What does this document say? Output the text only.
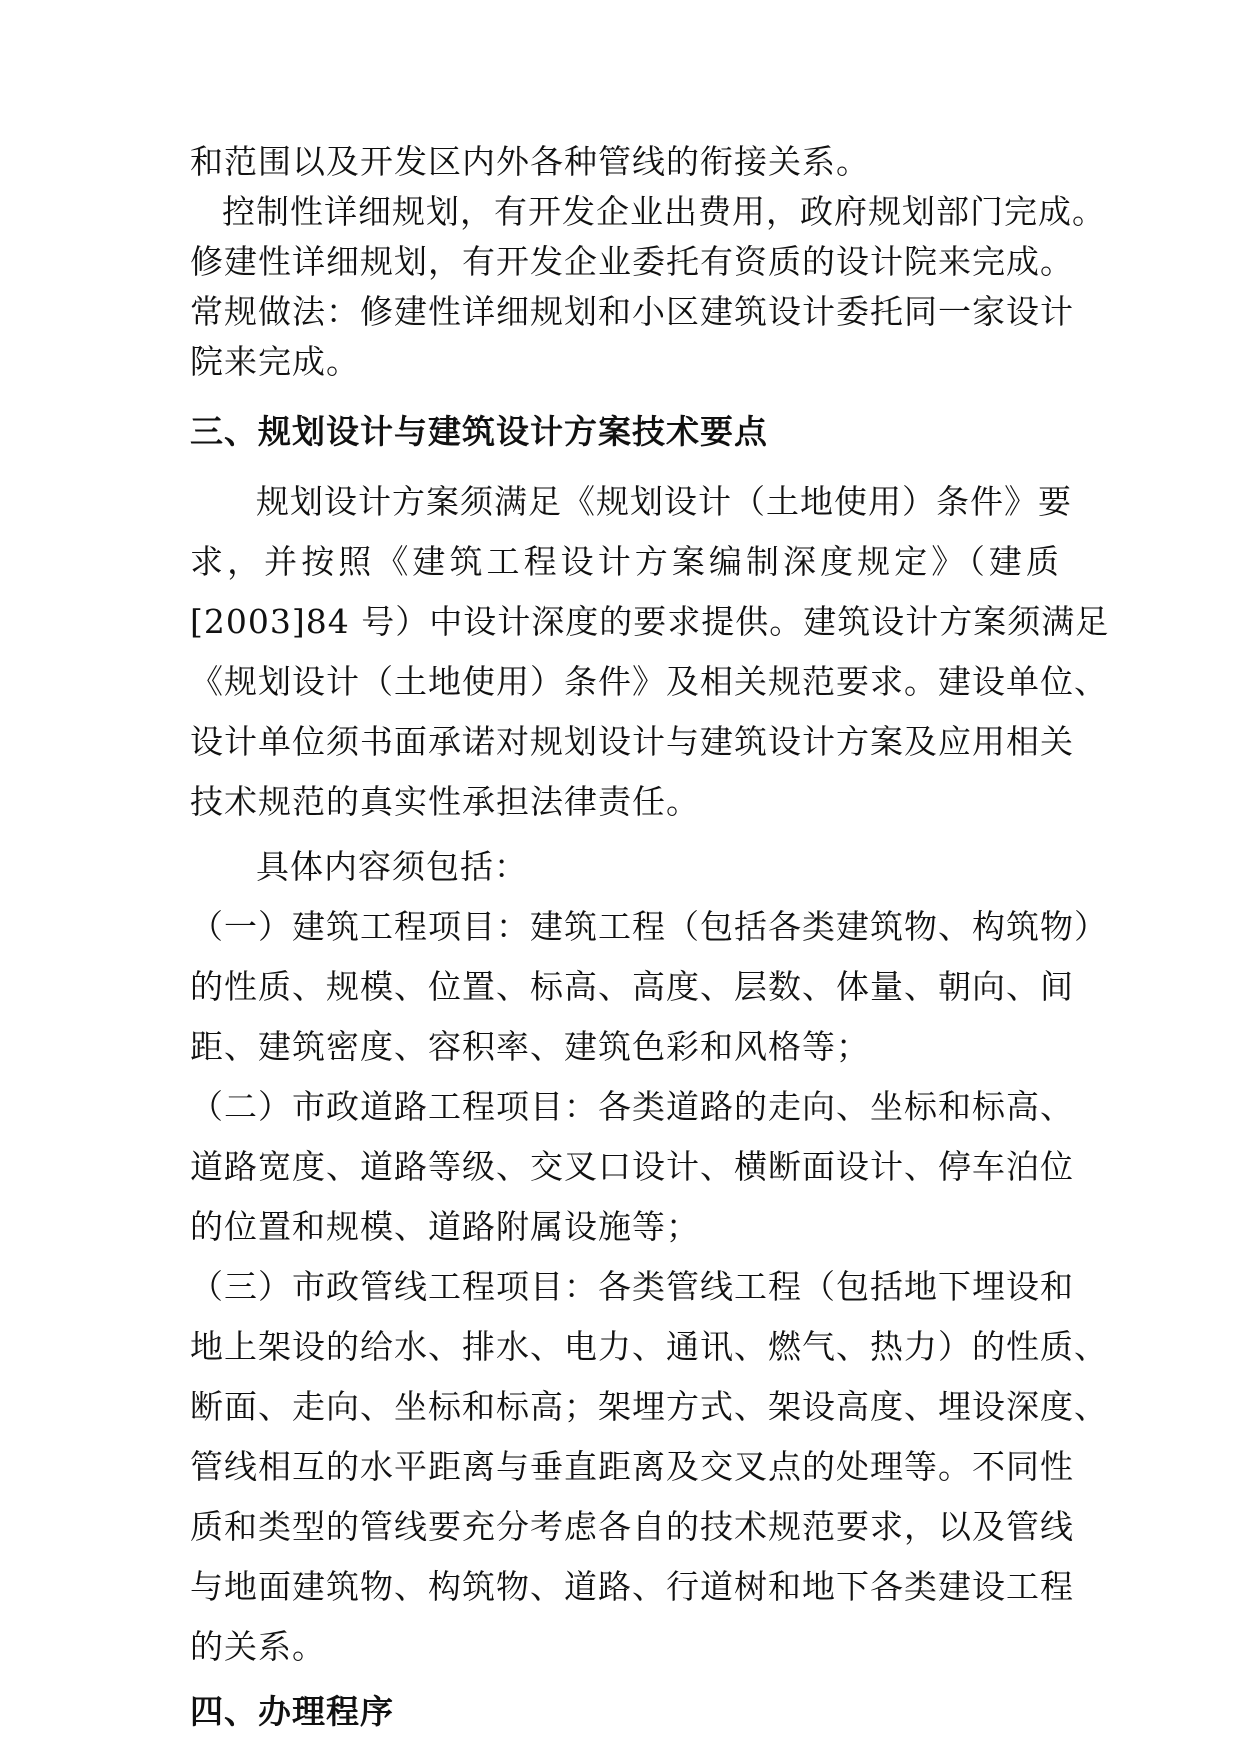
和范围以及开发区内外各种管线的衔接关系。
控制性详细规划，有开发企业出费用，政府规划部门完成。
修建性详细规划，有开发企业委托有资质的设计院来完成。
常规做法：修建性详细规划和小区建筑设计委托同一家设计
院来完成。
三、规划设计与建筑设计方案技术要点
规划设计方案须满足《规划设计（土地使用）条件》要
求，并按照《建筑工程设计方案编制深度规定》（建质
[2003]84 号）中设计深度的要求提供。建筑设计方案须满足
《规划设计（土地使用）条件》及相关规范要求。建设单位、
设计单位须书面承诺对规划设计与建筑设计方案及应用相关
技术规范的真实性承担法律责任。
具体内容须包括：
（一）建筑工程项目：建筑工程（包括各类建筑物、构筑物）
的性质、规模、位置、标高、高度、层数、体量、朝向、间
距、建筑密度、容积率、建筑色彩和风格等；
（二）市政道路工程项目：各类道路的走向、坐标和标高、
道路宽度、道路等级、交叉口设计、横断面设计、停车泊位
的位置和规模、道路附属设施等；
（三）市政管线工程项目：各类管线工程（包括地下埋设和
地上架设的给水、排水、电力、通讯、燃气、热力）的性质、
断面、走向、坐标和标高；架埋方式、架设高度、埋设深度、
管线相互的水平距离与垂直距离及交叉点的处理等。不同性
质和类型的管线要充分考虑各自的技术规范要求，以及管线
与地面建筑物、构筑物、道路、行道树和地下各类建设工程
的关系。
四、办理程序
